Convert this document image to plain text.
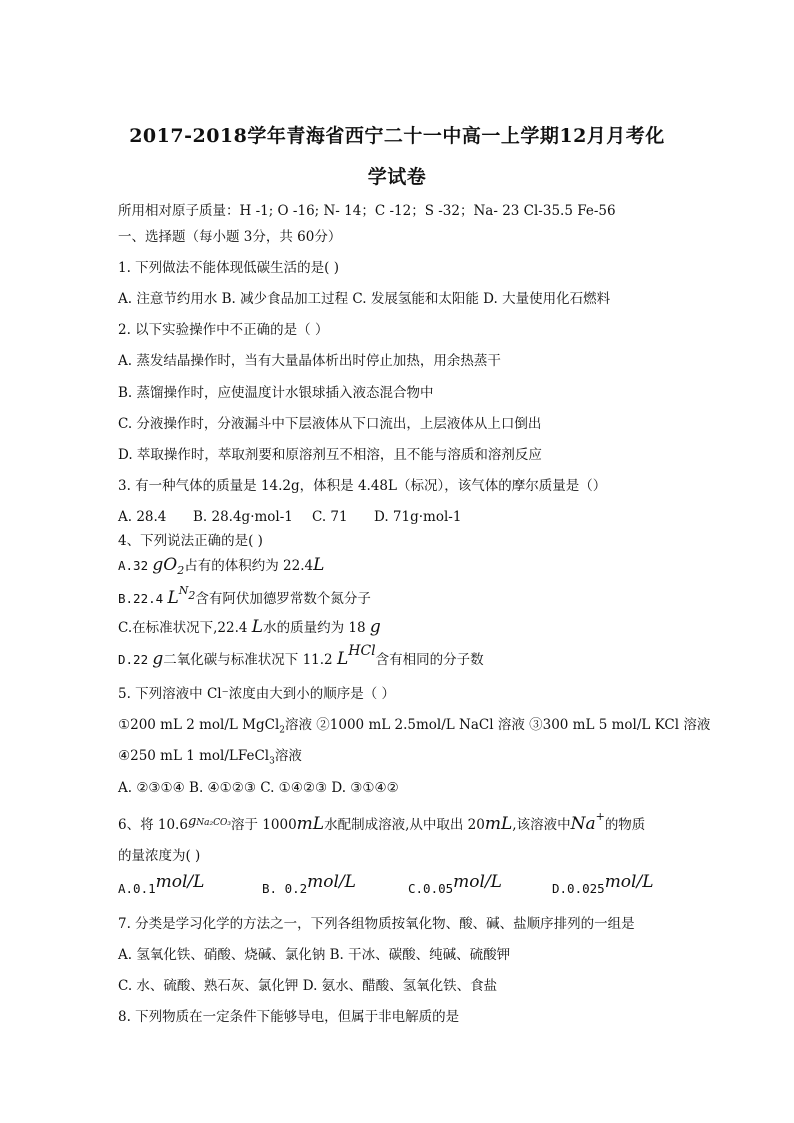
2017-2018学年青海省西宁二十一中高一上学期12月月考化
学试卷
所用相对原子质量：H -1; O -16; N- 14；C -12；S -32；Na- 23 Cl-35.5 Fe-56
一、选择题（每小题 3分，共 60分）
1. 下列做法不能体现低碳生活的是( )
A. 注意节约用水 B. 减少食品加工过程 C. 发展氢能和太阳能 D. 大量使用化石燃料
2. 以下实验操作中不正确的是（ ）
A. 蒸发结晶操作时，当有大量晶体析出时停止加热，用余热蒸干
B. 蒸馏操作时，应使温度计水银球插入液态混合物中
C. 分液操作时，分液漏斗中下层液体从下口流出，上层液体从上口倒出
D. 萃取操作时，萃取剂要和原溶剂互不相溶，且不能与溶质和溶剂反应
3. 有一种气体的质量是 14.2g，体积是 4.48L（标况），该气体的摩尔质量是（）
A. 28.4 B. 28.4g·mol-1 C. 71 D. 71g·mol-1
4、下列说法正确的是( )
A.32 $gO_2$占有的体积约为 22.4L
B.22.4 $L^{N2}$含有阿伏加德罗常数个氮分子
C.在标准状况下,22.4 L水的质量约为 18 g
D.22 g二氧化碳与标准状况下 11.2 LHCl含有相同的分子数
5. 下列溶液中 Cl⁻浓度由大到小的顺序是（ ）
①200 mL 2 mol/L MgCl$_2$溶液 ②1000 mL 2.5mol/L NaCl 溶液 ③300 mL 5 mol/L KCl 溶液
④250 mL 1 mol/LFeCl$_3$溶液
A. ②③①④ B. ④①②③ C. ①④②③ D. ③①④②
6、将 $10.6g^{Na_2CO_3}$溶于 1000mL水配制成溶液,从中取出 20mL,该溶液中Na+的物质
的量浓度为( )
A.0.1mol/L	B. 0.2mol/L	C.0.05mol/L	D.0.025mol/L
7. 分类是学习化学的方法之一，下列各组物质按氧化物、酸、碱、盐顺序排列的一组是
A. 氢氧化铁、硝酸、烧碱、氯化钠 B. 干冰、碳酸、纯碱、硫酸钾
C. 水、硫酸、熟石灰、氯化钾 D. 氨水、醋酸、氢氧化铁、食盐
8. 下列物质在一定条件下能够导电，但属于非电解质的是
